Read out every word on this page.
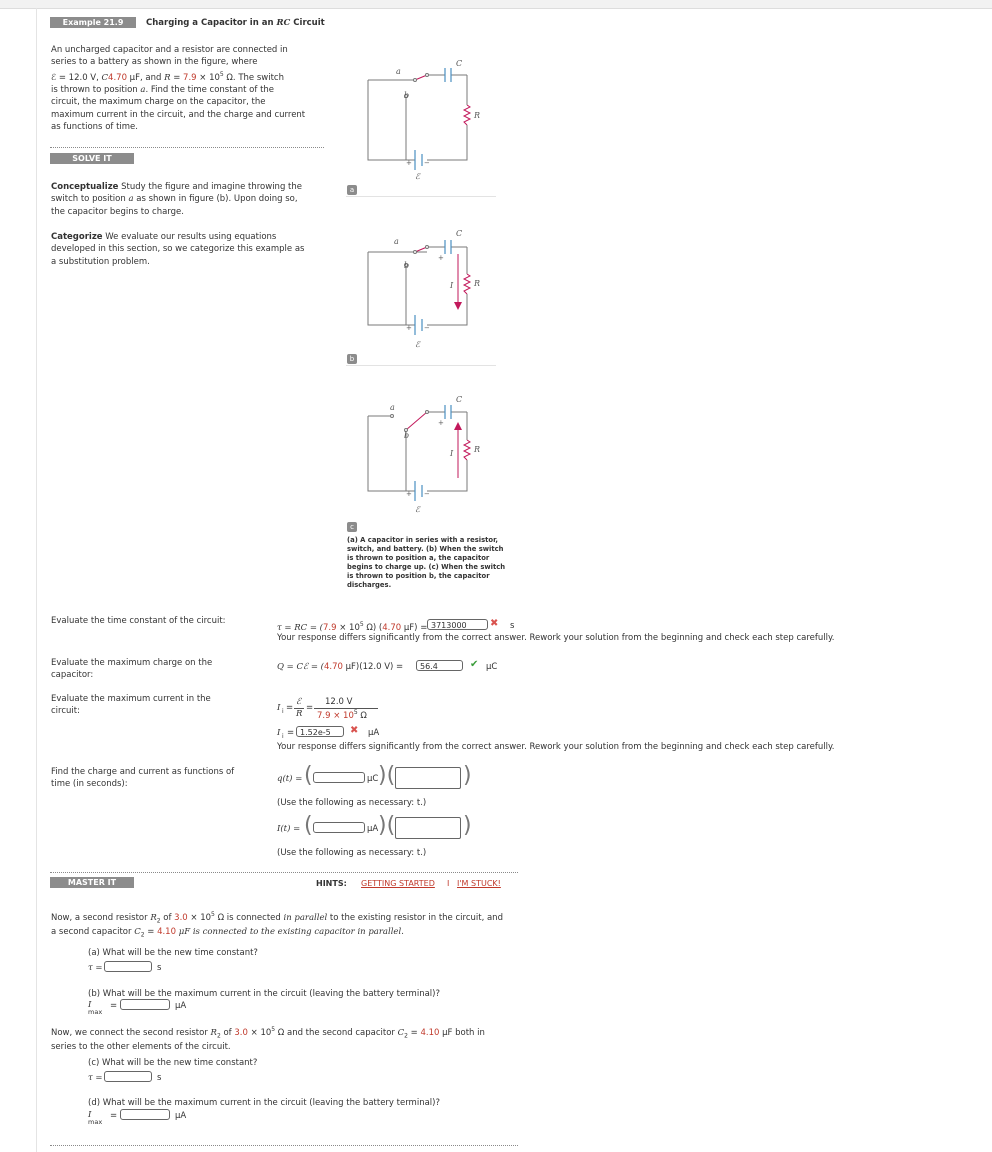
Example 21.9	Charging a Capacitor in an RC Circuit
An uncharged capacitor and a resistor are connected in
series to a battery as shown in the figure, where
ℰ = 12.0 V, C4.70 μF, and $R = 7.9 \times 10^5$ Ω. The switch
is thrown to position a. Find the time constant of the
circuit, the maximum charge on the capacitor, the
maximum current in the circuit, and the charge and current
as functions of time.
SOLVE IT
Conceptualize Study the figure and imagine throwing the
switch to position a as shown in figure (b). Upon doing so,
the capacitor begins to charge.
Categorize We evaluate our results using equations
developed in this section, so we categorize this example as
a substitution problem.
a
b
C
R
+ −
ℰ
a
a
b
C
+
I	R
+ −
ℰ
b
a
b
C
+
I	R
+ −
ℰ
c
(a) A capacitor in series with a resistor,
switch, and battery. (b) When the switch
is thrown to position a, the capacitor
begins to charge up. (c) When the switch
is thrown to position b, the capacitor
discharges.
Evaluate the time constant of the circuit:
τ = RC = ($7.9 \times 10^5$ Ω) (4.70 μF) = 3713000	✖ s
Your response differs significantly from the correct answer. Rework your solution from the beginning and check each step carefully.
Evaluate the maximum charge on the
capacitor:
Q = Cℰ = (4.70 μF)(12.0 V) =	56.4	✔ μC
Evaluate the maximum current in the
circuit:	I i =
ℰ
R
=
12.0 V
$7.9 \times 10^5$ Ω
I i = 1.52e-5	✖ μA
Your response differs significantly from the correct answer. Rework your solution from the beginning and check each step carefully.
Find the charge and current as functions of
time (in seconds):
q(t) = (	μC )(	)
(Use the following as necessary: t.)
I(t) = (	μA )(	)
(Use the following as necessary: t.)
MASTER IT	HINTS: GETTING STARTED I I'M STUCK!
Now, a second resistor $R_2$ of $3.0 \times 10^5$ Ω is connected in parallel to the existing resistor in the circuit, and
a second capacitor $C_2 = 4.10$ μF is connected to the existing capacitor in parallel.
(a) What will be the new time constant?
τ =	s
(b) What will be the maximum current in the circuit (leaving the battery terminal)?
I
max
=	μA
Now, we connect the second resistor $R_2$ of $3.0 \times 10^5$ Ω and the second capacitor $C_2 = 4.10$ μF both in
series to the other elements of the circuit.
(c) What will be the new time constant?
τ =	s
(d) What will be the maximum current in the circuit (leaving the battery terminal)?
I
max
=	μA
